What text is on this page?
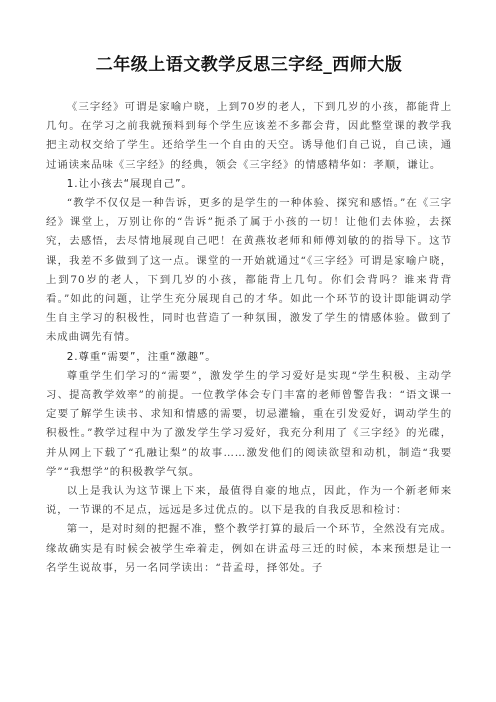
二年级上语文教学反思三字经_西师大版

《三字经》可谓是家喻户晓，上到70岁的老人，下到几岁的小孩，都能背上几句。在学习之前我就预料到每个学生应该差不多都会背，因此整堂课的教学我把主动权交给了学生。还给学生一个自由的天空。诱导他们自己说，自己读，通过诵读来品味《三字经》的经典，领会《三字经》的情感精华如：孝顺，谦让。

1.让小孩去“展现自己”。

“教学不仅仅是一种告诉，更多的是学生的一种体验、探究和感悟。”在《三字经》课堂上，万别让你的“告诉”扼杀了属于小孩的一切！让他们去体验，去探究，去感悟，去尽情地展现自己吧！在黄燕妆老师和师傅刘敏的的指导下。这节课，我差不多做到了这一点。课堂的一开始就通过“《三字经》可谓是家喻户晓，上到70岁的老人，下到几岁的小孩，都能背上几句。你们会背吗？谁来背背看。”如此的问题，让学生充分展现自己的才华。如此一个环节的设计即能调动学生自主学习的积极性，同时也营造了一种氛围，激发了学生的情感体验。做到了未成曲调先有情。

2.尊重“需要”，注重“激趣”。

尊重学生们学习的“需要”，激发学生的学习爱好是实现“学生积极、主动学习、提高教学效率”的前提。一位教学体会专门丰富的老师曾警告我：“语文课一定要了解学生读书、求知和情感的需要，切忌灌输，重在引发爱好，调动学生的积极性。”教学过程中为了激发学生学习爱好，我充分利用了《三字经》的光碟，并从网上下载了“孔融让梨”的故事……激发他们的阅读欲望和动机，制造“我要学”“我想学”的积极教学气氛。

以上是我认为这节课上下来，最值得自豪的地点，因此，作为一个新老师来说，一节课的不足点，远远是多过优点的。以下是我的自我反思和检讨：

第一，是对时刻的把握不准，整个教学打算的最后一个环节，全然没有完成。缘故确实是有时候会被学生牵着走，例如在讲孟母三迁的时候，本来预想是让一名学生说故事，另一名同学读出：“昔孟母，择邻处。子
